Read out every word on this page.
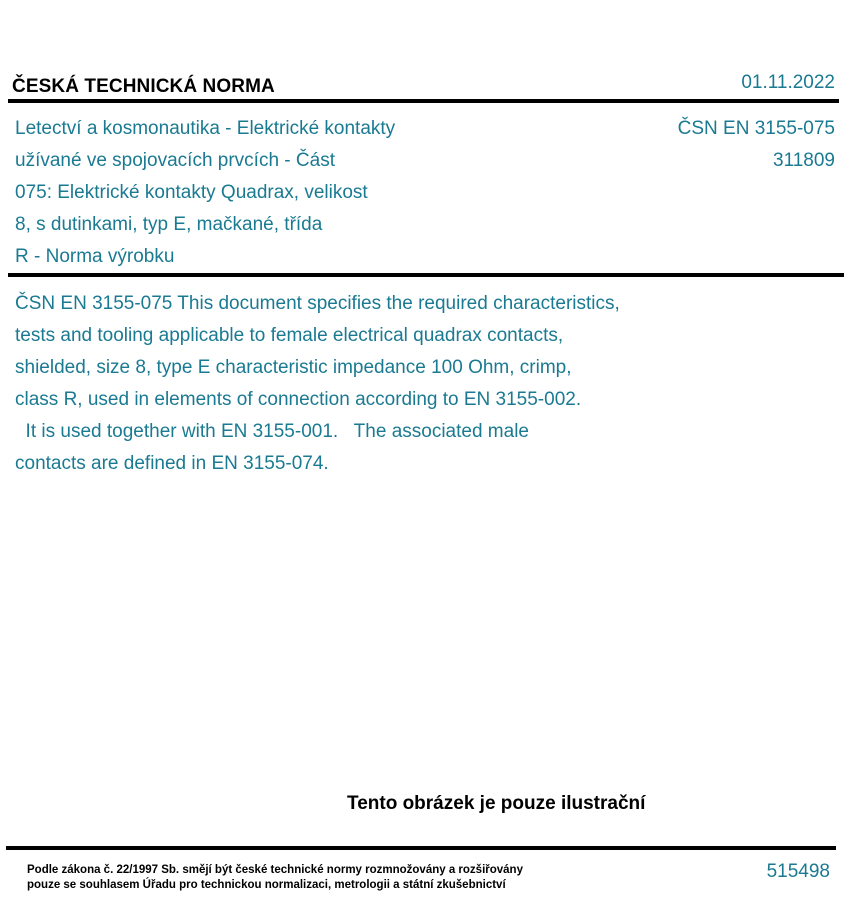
ČESKÁ TECHNICKÁ NORMA	01.11.2022
Letectví a kosmonautika - Elektrické kontakty
užívané ve spojovacích prvcích - Část
075: Elektrické kontakty Quadrax, velikost
8, s dutinkami, typ E, mačkané, třída
R - Norma výrobku
ČSN EN 3155-075
311809
ČSN EN 3155-075 This document specifies the required characteristics,
tests and tooling applicable to female electrical quadrax contacts,
shielded, size 8, type E characteristic impedance 100 Ohm, crimp,
class R, used in elements of connection according to EN 3155-002.
It is used together with EN 3155-001.   The associated male
contacts are defined in EN 3155-074.
Tento obrázek je pouze ilustrační
Podle zákona č. 22/1997 Sb. smějí být české technické normy rozmnožovány a rozšiřovány
pouze se souhlasem Úřadu pro technickou normalizaci, metrologii a státní zkušebnictví
515498
